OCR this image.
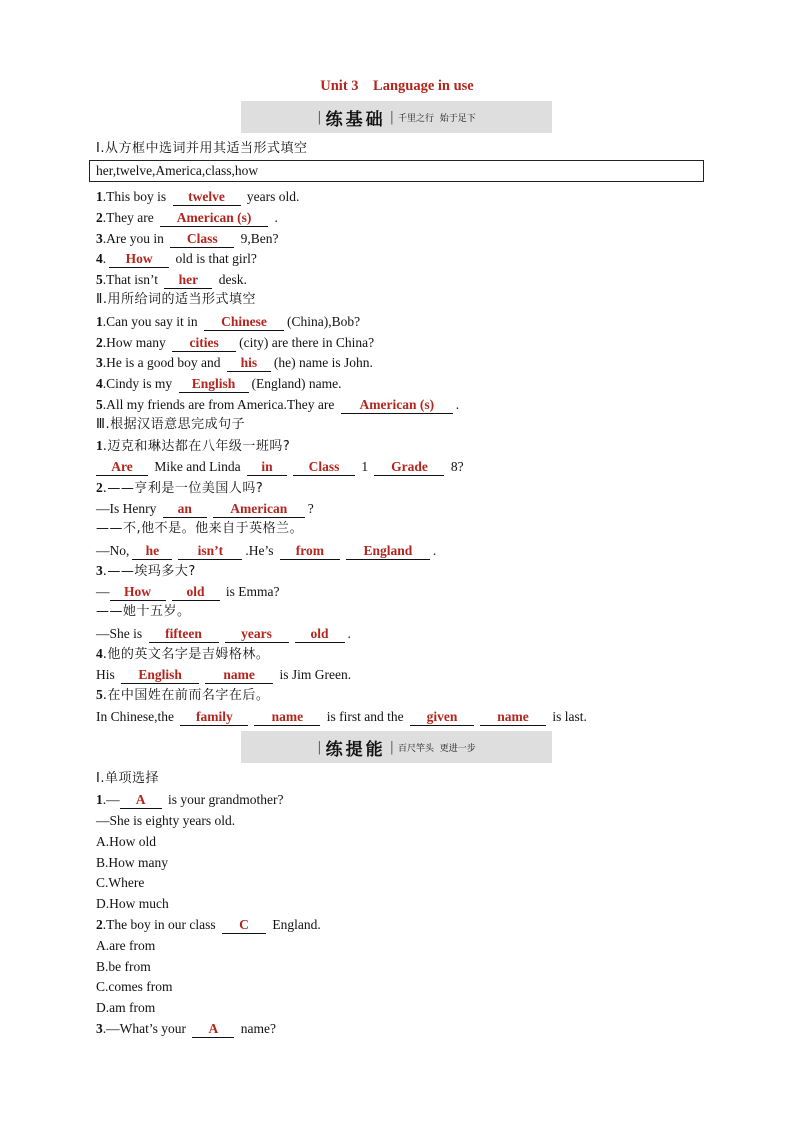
Unit 3    Language in use
| 练基础 | 千里之行  始于足下
Ⅰ.从方框中选词并用其适当形式填空
her,twelve,America,class,how
1.This boy is twelve years old.
2.They are American (s) .
3.Are you in Class 9,Ben?
4. How old is that girl?
5.That isn’t her desk.
Ⅱ.用所给词的适当形式填空
1.Can you say it in Chinese (China),Bob?
2.How many cities (city) are there in China?
3.He is a good boy and his (he) name is John.
4.Cindy is my English (England) name.
5.All my friends are from America.They are American (s) .
Ⅲ.根据汉语意思完成句子
1.迈克和琳达都在八年级一班吗?
Are Mike and Linda in	Class 1 Grade 8?
2.——亨利是一位美国人吗?
—Is Henry an	American ?
——不,他不是。他来自于英格兰。
—No, he	isn’t .He’s from	England .
3.——埃玛多大?
— How	old is Emma?
——她十五岁。
—She is fifteen	years	old .
4.他的英文名字是吉姆格林。
His English	name is Jim Green.
5.在中国姓在前而名字在后。
In Chinese,the family	name is first and the given	name is last.
| 练提能 | 百尺竿头  更进一步
Ⅰ.单项选择
1.— A is your grandmother?
—She is eighty years old.
A.How old
B.How many
C.Where
D.How much
2.The boy in our class C England.
A.are from
B.be from
C.comes from
D.am from
3.—What’s your A name?
